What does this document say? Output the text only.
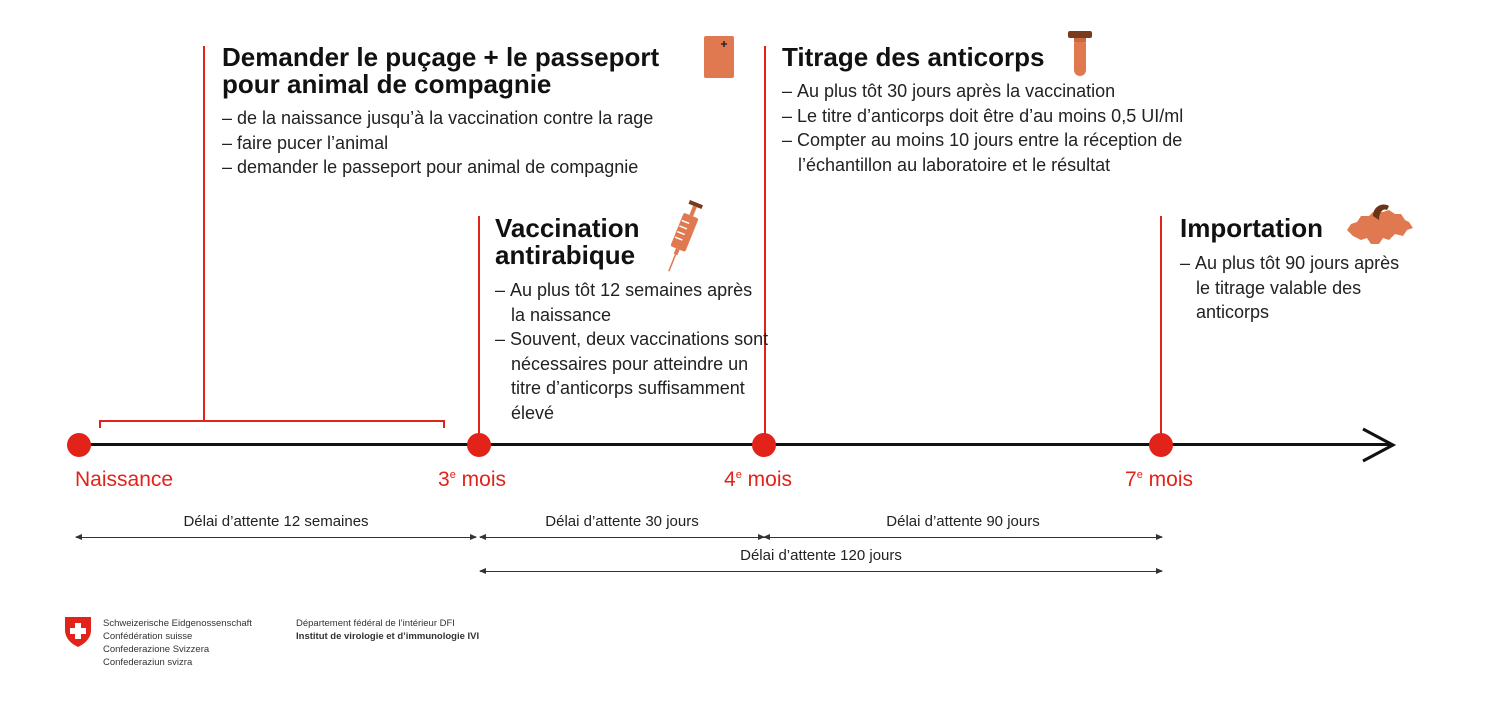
Demander le puçage + le passeport
pour animal de compagnie
– de la naissance jusqu’à la vaccination contre la rage
– faire pucer l’animal
– demander le passeport pour animal de compagnie
Vaccination
antirabique
– Au plus tôt 12 semaines après la naissance
– Souvent, deux vaccinations sont nécessaires pour atteindre un titre d’anticorps suffisamment élevé
Titrage des anticorps
– Au plus tôt 30 jours après la vaccination
– Le titre d’anticorps doit être d’au moins 0,5 UI/ml
– Compter au moins 10 jours entre la réception de l’échantillon au laboratoire et le résultat
Importation
– Au plus tôt 90 jours après le titrage valable des anticorps
Naissance	3e mois	4e mois	7e mois
Délai d’attente 12 semaines	Délai d’attente 30 jours	Délai d’attente 90 jours
Délai d’attente 120 jours
Schweizerische Eidgenossenschaft
Confédération suisse
Confederazione Svizzera
Confederaziun svizra
Département fédéral de l’intérieur DFI
Institut de virologie et d’immunologie IVI
